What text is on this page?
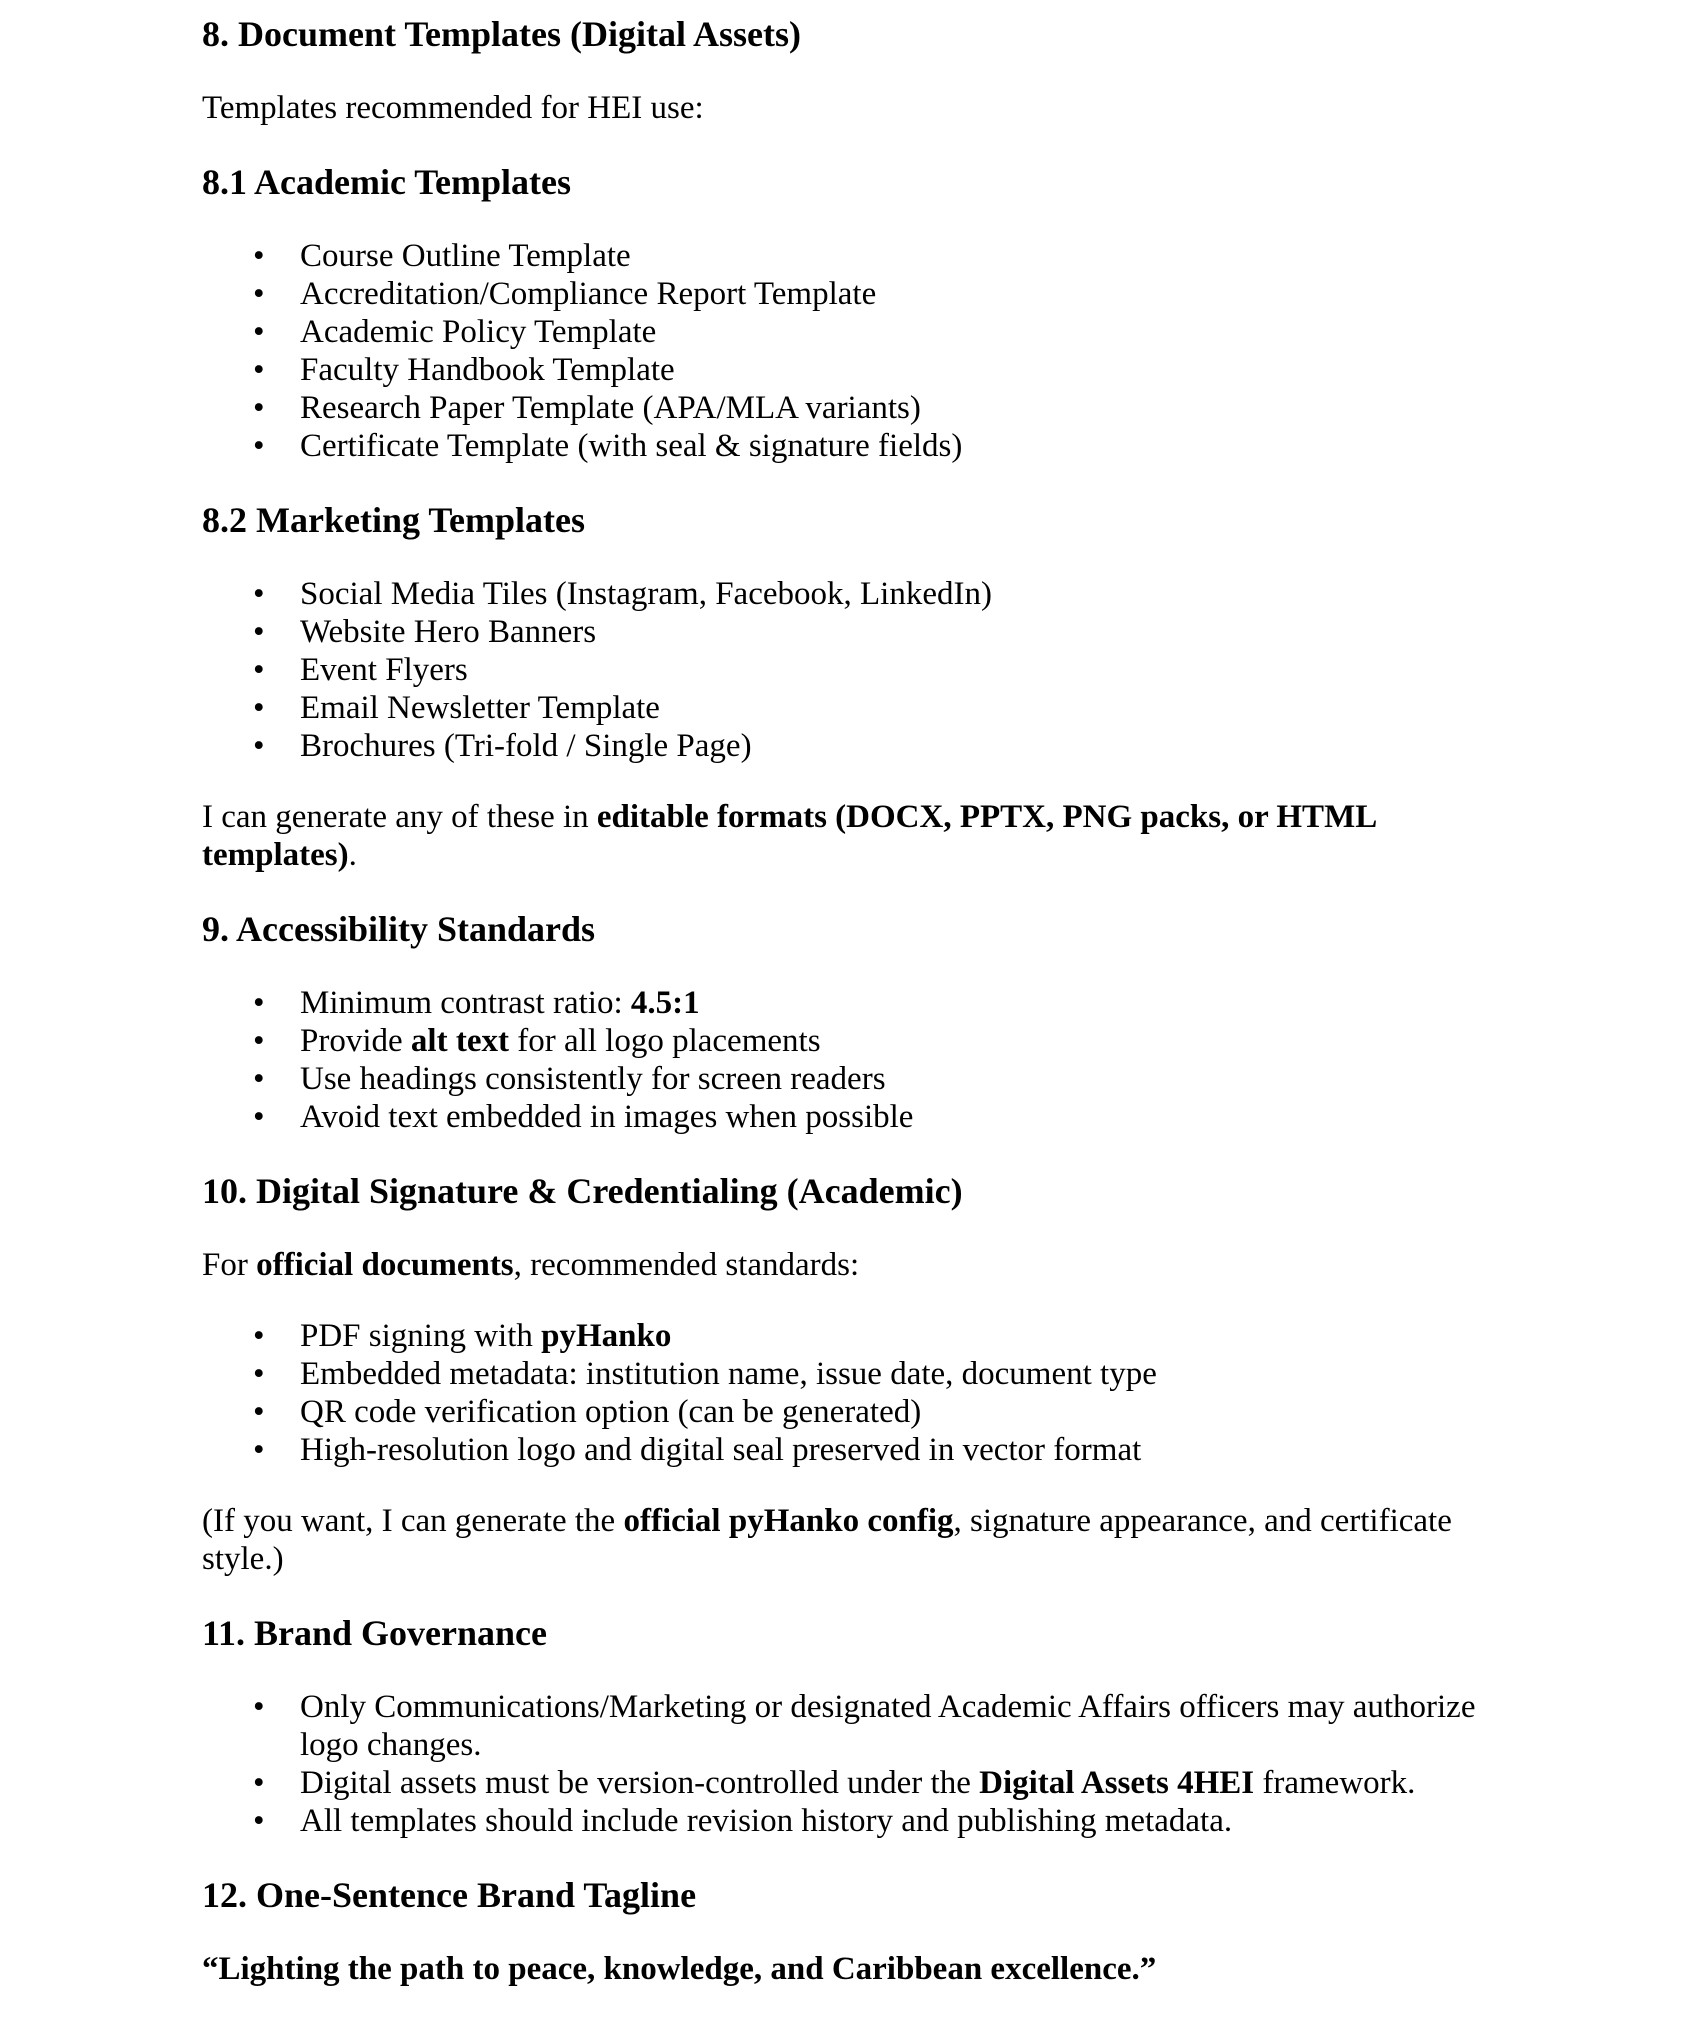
8. Document Templates (Digital Assets)

Templates recommended for HEI use:

8.1 Academic Templates
• Course Outline Template
• Accreditation/Compliance Report Template
• Academic Policy Template
• Faculty Handbook Template
• Research Paper Template (APA/MLA variants)
• Certificate Template (with seal & signature fields)
8.2 Marketing Templates
• Social Media Tiles (Instagram, Facebook, LinkedIn)
• Website Hero Banners
• Event Flyers
• Email Newsletter Template
• Brochures (Tri-fold / Single Page)

I can generate any of these in editable formats (DOCX, PPTX, PNG packs, or HTML templates).

9. Accessibility Standards
• Minimum contrast ratio: 4.5:1
• Provide alt text for all logo placements
• Use headings consistently for screen readers
• Avoid text embedded in images when possible
10. Digital Signature & Credentialing (Academic)

For official documents, recommended standards:

• PDF signing with pyHanko
• Embedded metadata: institution name, issue date, document type
• QR code verification option (can be generated)
• High-resolution logo and digital seal preserved in vector format

(If you want, I can generate the official pyHanko config, signature appearance, and certificate style.)

11. Brand Governance
• Only Communications/Marketing or designated Academic Affairs officers may authorize logo changes.
• Digital assets must be version-controlled under the Digital Assets 4HEI framework.
• All templates should include revision history and publishing metadata.
12. One-Sentence Brand Tagline

“Lighting the path to peace, knowledge, and Caribbean excellence.”
